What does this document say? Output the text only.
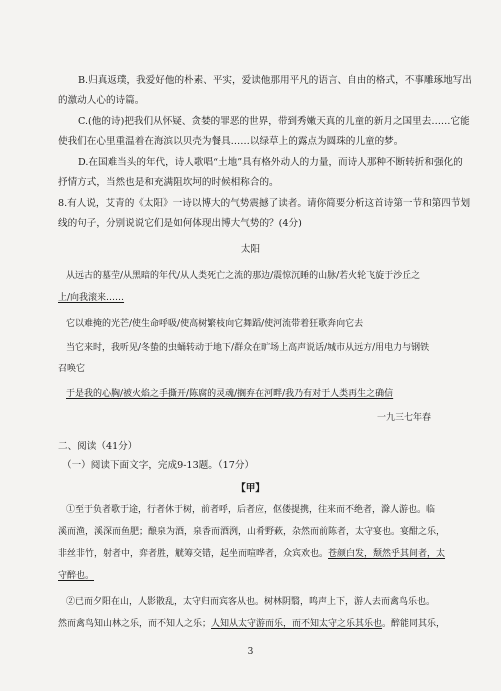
B.归真返璞，我爱好他的朴素、平实，爱读他那用平凡的语言、自由的格式，不事雕琢地写出
的激动人心的诗篇。
C.(他的诗)把我们从怀疑、贪婪的罪恶的世界，带到秀嫩天真的儿童的新月之国里去……它能
使我们在心里重温着在海滨以贝壳为餐具……以绿草上的露点为圆珠的儿童的梦。
D.在国难当头的年代，诗人歌唱“土地”具有格外动人的力量，而诗人那种不断转折和强化的
抒情方式，当然也是和充满阻坎坷的时候相称合的。
8.有人说，艾青的《太阳》一诗以博大的气势震撼了读者。请你简要分析这首诗第一节和第四节划
线的句子，分别说说它们是如何体现出博大气势的？(4分)
太阳
从远古的墓茔/从黑暗的年代/从人类死亡之流的那边/震惊沉睡的山脉/若火轮飞旋于沙丘之
上/向我滚来……
它以难掩的光芒/使生命呼吸/使高树繁枝向它舞蹈/使河流带着狂歌奔向它去
当它来时，我听见/冬蛰的虫蛹转动于地下/群众在旷场上高声说话/城市从远方/用电力与钢铁
召唤它
于是我的心胸/被火焰之手撕开/陈腐的灵魂/搁弃在河畔/我乃有对于人类再生之确信
一九三七年春
二、阅读（41分）
（一）阅读下面文字，完成9-13题。（17分）
【甲】
①至于负者歌于途，行者休于树，前者呼，后者应，伛偻提携，往来而不绝者，滁人游也。临
溪而渔，溪深而鱼肥；酿泉为酒，泉香而酒洌，山肴野蔌，杂然而前陈者，太守宴也。宴酣之乐，
非丝非竹，射者中，弈者胜，觥筹交错，起坐而喧哗者，众宾欢也。苍颜白发，颓然乎其间者，太
守醉也。
②已而夕阳在山，人影散乱，太守归而宾客从也。树林阴翳，鸣声上下，游人去而禽鸟乐也。
然而禽鸟知山林之乐，而不知人之乐；人知从太守游而乐，而不知太守之乐其乐也。醉能同其乐，
3
